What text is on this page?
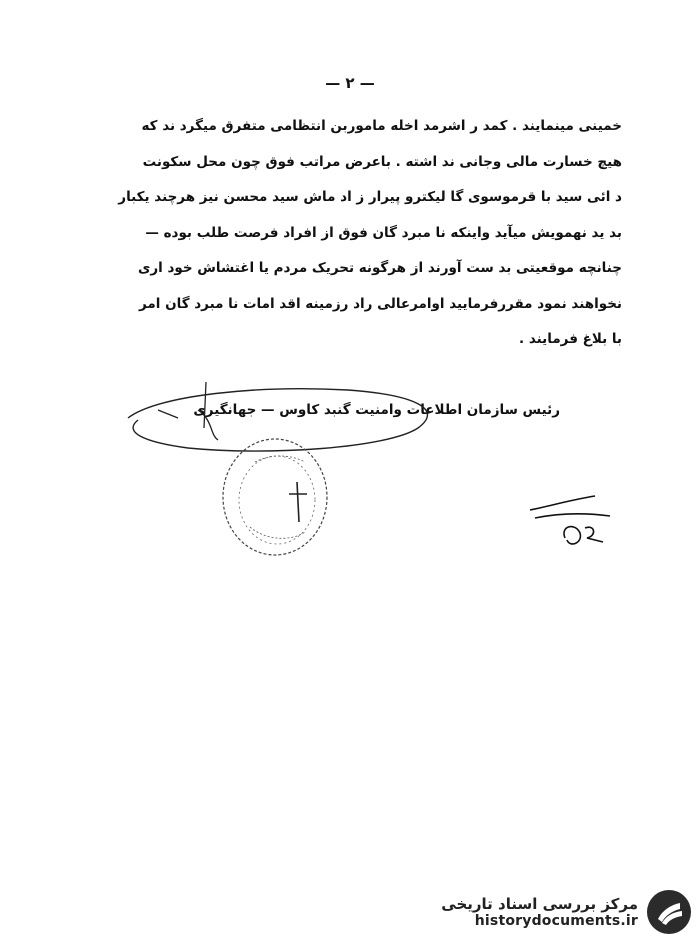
— ۲ —
خمینی مینمایند . کمد ر اشرمد اخله ماموربن انتظامی متفرق میگرد ند که
هیچ خسارت مالی وجانی ند اشته . باعرض مراتب فوق چون محل سکونت
د ائی سید با قرموسوی گا لیکترو پیرار ز اد ماش سید محسن نیز هرچند یکبار
بد ید نهمویش میآید واینکه نا مبرد گان فوق از افراد فرصت طلب بوده —
چنانچه موقعیتی بد ست آورند از هرگونه تحریک مردم یا اغتشاش خود اری
نخواهند نمود مقررفرمایید اوامرعالی راد رزمینه اقد امات نا مبرد گان امر
با بلاغ فرمایند .
رئیس سازمان اطلاعات وامنیت گنبد کاوس — جهانگیری
مرکز بررسی اسناد تاریخی
historydocuments.ir
